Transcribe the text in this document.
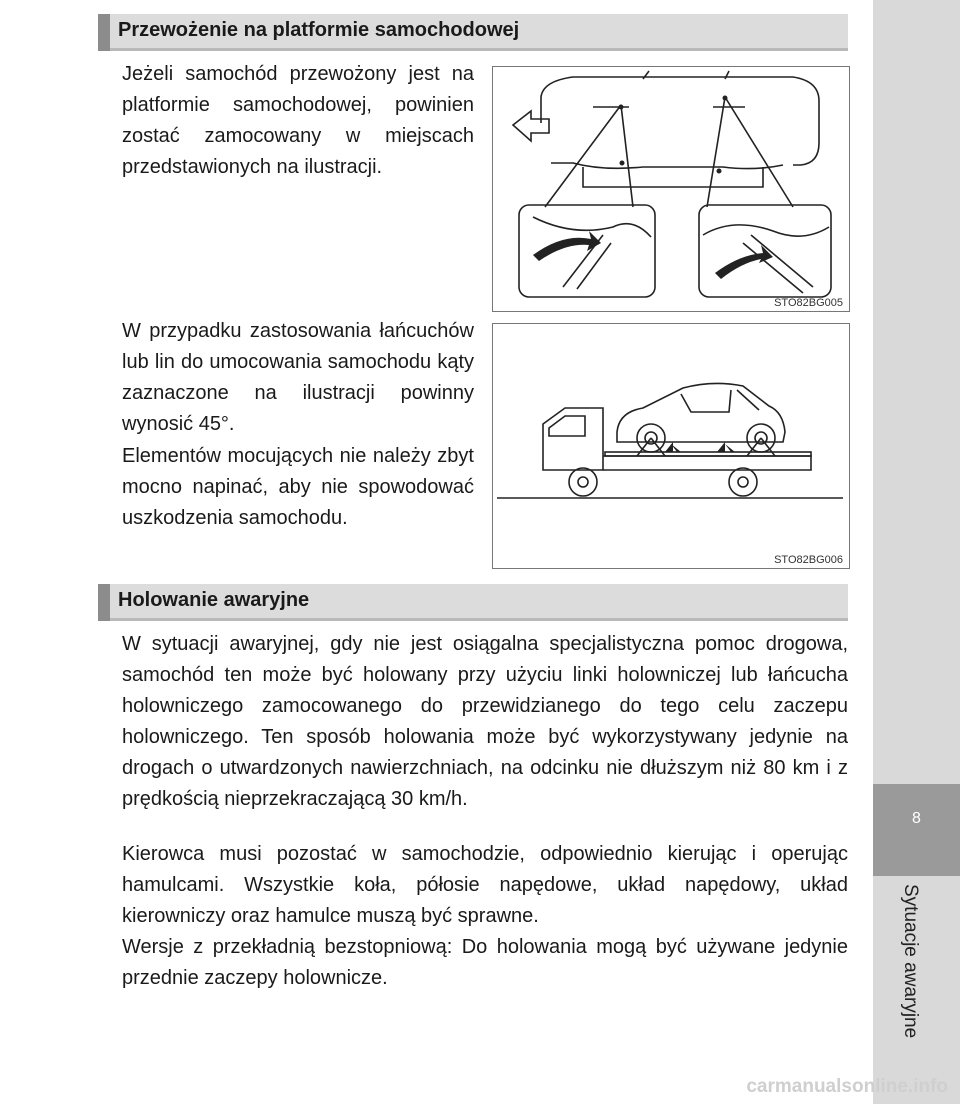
8
Sytuacje awaryjne
Przewożenie na platformie samochodowej

Jeżeli samochód przewożony jest na platformie samochodowej, powinien zostać zamocowany w miejscach przedstawionych na ilustracji.

STO82BG005

W przypadku zastosowania łańcuchów lub lin do umocowania samochodu kąty zaznaczone na ilustracji powinny wynosić 45°.

Elementów mocujących nie należy zbyt mocno napinać, aby nie spowodować uszkodzenia samochodu.

STO82BG006
Holowanie awaryjne

W sytuacji awaryjnej, gdy nie jest osiągalna specjalistyczna pomoc drogowa, samochód ten może być holowany przy użyciu linki holowniczej lub łańcucha holowniczego zamocowanego do przewidzianego do tego celu zaczepu holowniczego. Ten sposób holowania może być wykorzystywany jedynie na drogach o utwardzonych nawierzchniach, na odcinku nie dłuższym niż 80 km i z prędkością nieprzekraczającą 30 km/h.

Kierowca musi pozostać w samochodzie, odpowiednio kierując i operując hamulcami. Wszystkie koła, półosie napędowe, układ napędowy, układ kierowniczy oraz hamulce muszą być sprawne.

Wersje z przekładnią bezstopniową: Do holowania mogą być używane jedynie przednie zaczepy holownicze.

carmanualsonline.info
